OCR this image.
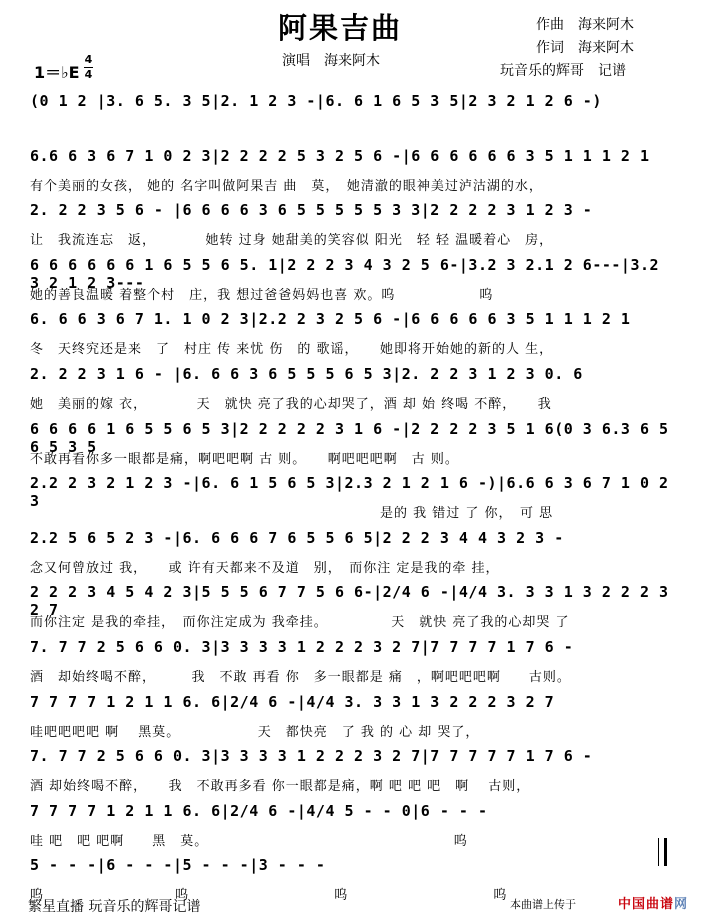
阿果吉曲
演唱　海来阿木
作曲　海来阿木
作词　海来阿木
玩音乐的辉哥　记谱
1＝♭E
4
4
(0 1 2 |3. 6 5. 3 5|2. 1 2 3 -|6. 6 1 6 5 3 5|2 3 2 1 2 6 -)
6.6 6 3 6 7 1 0 2 3|2 2 2 2 5 3 2 5 6 -|6 6 6 6 6 6 3 5 1 1 1 2 1
有个美丽的女孩， 她的 名字叫做阿果吉 曲　莫，　她清澈的眼神美过泸沽湖的水，
2. 2 2 3 5 6 - |6 6 6 6 3 6 5 5 5 5 5 3 3|2 2 2 2 3 1 2 3 -
让　我流连忘　返，　　　　她转 过身 她甜美的笑容似 阳光　轻 轻 温暖着心　房，
6 6 6 6 6 6 1 6 5 5 6 5. 1|2 2 2 3 4 3 2 5 6-|3.2 3 2.1 2 6---|3.2 3 2 1 2 3---
她的善良温暖 着整个村　庄，我 想过爸爸妈妈也喜 欢。呜　　　　　　呜
6. 6 6 3 6 7 1. 1 0 2 3|2.2 2 3 2 5 6 -|6 6 6 6 6 3 5 1 1 1 2 1
冬　天终究还是来　了　村庄 传 来忧 伤　的 歌谣，　　她即将开始她的新的人 生，
2. 2 2 3 1 6 - |6. 6 6 3 6 5 5 5 6 5 3|2. 2 2 3 1 2 3 0. 6
她　美丽的嫁 衣，　　　　天　就快 亮了我的心却哭了，酒 却 始 终喝 不醉，　　我
6 6 6 6 1 6 5 5 6 5 3|2 2 2 2 2 3 1 6 -|2 2 2 2 3 5 1 6(0 3 6.3 6 5 6 5 3 5
不敢再看你多一眼都是痛，啊吧吧啊 古 则。　　啊吧吧吧啊　古 则。
2.2 2 3 2 1 2 3 -|6. 6 1 5 6 5 3|2.3 2 1 2 1 6 -)|6.6 6 3 6 7 1 0 2 3
　　　　　　　　　　　　　　　　　　　　　　　　　是的 我 错过 了 你，　可 思
2.2 5 6 5 2 3 -|6. 6 6 6 7 6 5 5 6 5|2 2 2 3 4 4 3 2 3 -
念又何曾放过 我，　　或 许有天都来不及道　别，　而你注 定是我的牵 挂，
2 2 2 3 4 5 4 2 3|5 5 5 6 7 7 5 6 6-|2/4 6 -|4/4 3. 3 3 1 3 2 2 2 3 2 7
而你注定 是我的牵挂，　而你注定成为 我牵挂。　　　　　天　就快 亮了我的心却哭 了
7. 7 7 2 5 6 6 0. 3|3 3 3 3 1 2 2 2 3 2 7|7 7 7 7 1 7 6 -
酒　却始终喝不醉，　　　我　不敢 再看 你　多一眼都是 痛　，啊吧吧吧啊　　古则。
7 7 7 7 1 2 1 1 6. 6|2/4 6 -|4/4 3. 3 3 1 3 2 2 2 3 2 7
哇吧吧吧吧 啊　 黑莫。　　　　　　天　都快亮　了 我 的 心 却 哭了，
7. 7 7 2 5 6 6 0. 3|3 3 3 3 1 2 2 2 3 2 7|7 7 7 7 7 1 7 6 -
酒 却始终喝不醉，　　我　不敢再多看 你一眼都是痛，啊 吧 吧 吧　啊　 古则，
7 7 7 7 1 2 1 1 6. 6|2/4 6 -|4/4 5 - - 0|6 - - -
哇 吧　吧 吧啊　　黑　莫。　　　　　　　　　　　　　　　　　　呜
5 - - -|6 - - -|5 - - -|3 - - -
呜　　　　　　　　　 呜　　　　　　　　　　 呜　　　　　　　　　　 呜
繁星直播 玩音乐的辉哥记谱	本曲谱上传于	中国曲谱网
